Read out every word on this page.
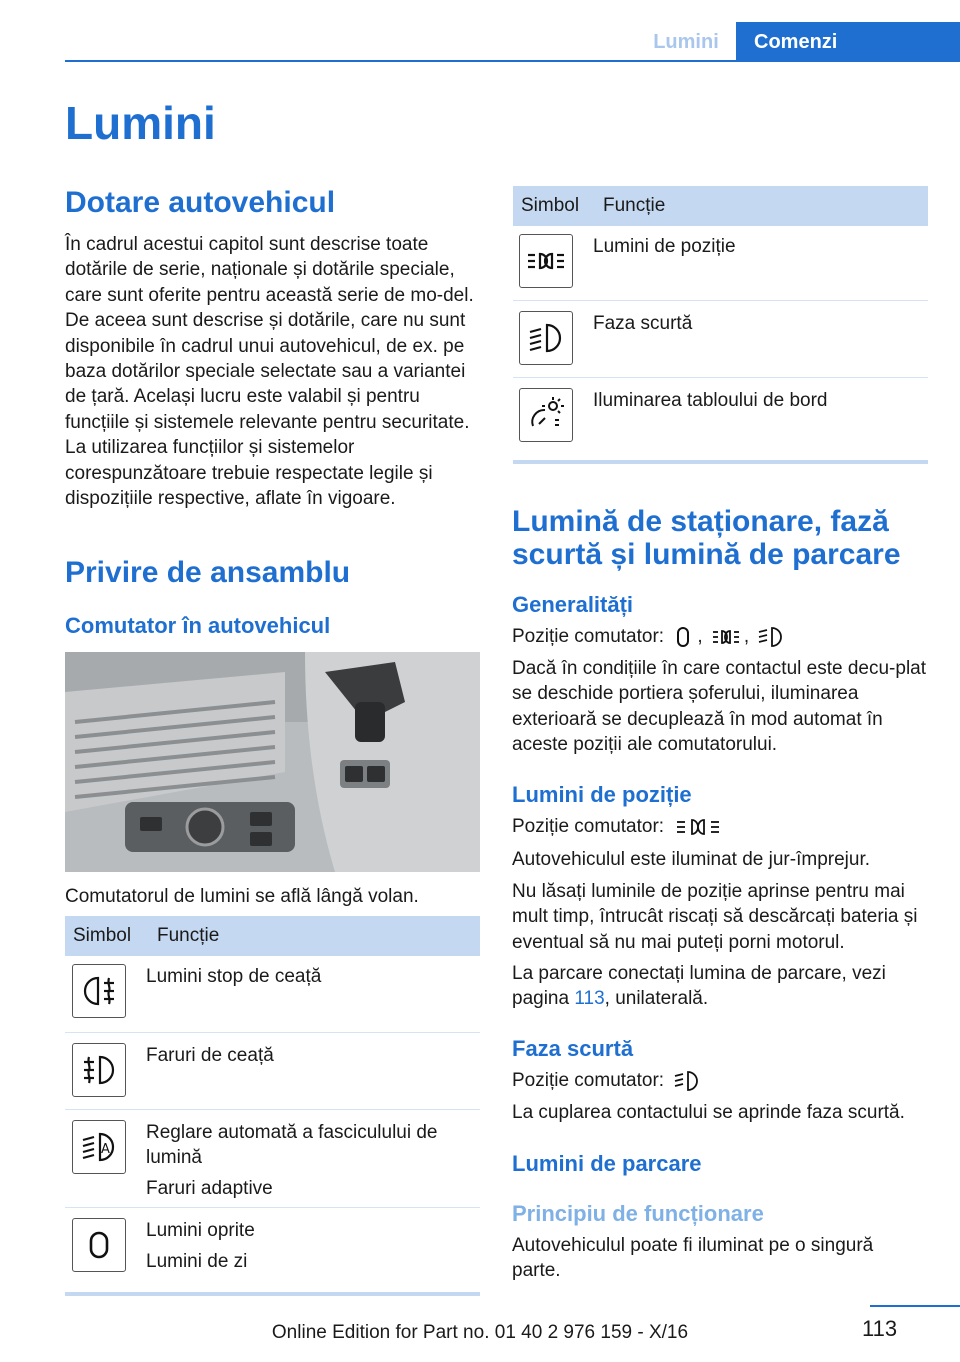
Lumini	Comenzi
Lumini
Dotare autovehicul
În cadrul acestui capitol sunt descrise toate dotările de serie, naționale și dotările speciale, care sunt oferite pentru această serie de mo‐del. De aceea sunt descrise și dotările, care nu sunt disponibile în cadrul unui autovehicul, de ex. pe baza dotărilor speciale selectate sau a variantei de țară. Același lucru este valabil și pentru funcțiile și sistemele relevante pentru securitate. La utilizarea funcțiilor și sistemelor corespunzătoare trebuie respectate legile și dispozițiile respective, aflate în vigoare.
Privire de ansamblu
Comutator în autovehicul
Comutatorul de lumini se află lângă volan.
Simbol	Funcție
Lumini stop de ceață
Faruri de ceață
A
Reglare automată a fasciculului de lumină
Faruri adaptive
Lumini oprite
Lumini de zi
Simbol	Funcție
Lumini de poziție
Faza scurtă
Iluminarea tabloului de bord
Lumină de staționare, fază scurtă și lumină de parcare
Generalități
Poziție comutator: , ,
Dacă în condițiile în care contactul este decu‐plat se deschide portiera șoferului, iluminarea exterioară se decuplează în mod automat în aceste poziții ale comutatorului.
Lumini de poziție
Poziție comutator:
Autovehiculul este iluminat de jur-împrejur.
Nu lăsați luminile de poziție aprinse pentru mai mult timp, întrucât riscați să descărcați bateria și eventual să nu mai puteți porni motorul.
La parcare conectați lumina de parcare, vezi pagina 113, unilaterală.
Faza scurtă
Poziție comutator:
La cuplarea contactului se aprinde faza scurtă.
Lumini de parcare
Principiu de funcționare
Autovehiculul poate fi iluminat pe o singură parte.
113
Online Edition for Part no. 01 40 2 976 159 - X/16
